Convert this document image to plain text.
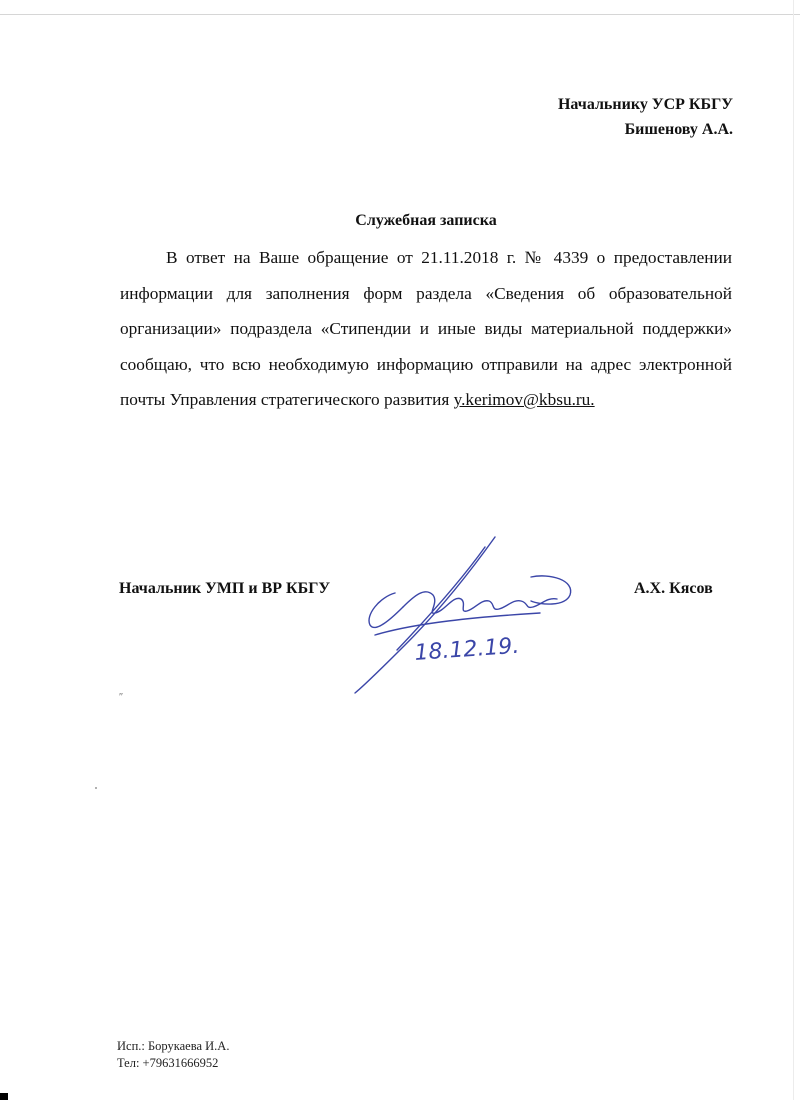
Начальнику УСР КБГУ
Бишенову А.А.
Служебная записка

В ответ на Ваше обращение от 21.11.2018 г. № 4339 о предоставлении информации для заполнения форм раздела «Сведения об образовательной организации» подраздела «Стипендии и иные виды материальной поддержки» сообщаю, что всю необходимую информацию отправили на адрес электронной почты Управления стратегического развития y.kerimov@kbsu.ru.

Начальник УМП и ВР КБГУ	А.Х. Кясов
18.12.19.
″
Исп.: Борукаева И.А.
Тел: +79631666952
